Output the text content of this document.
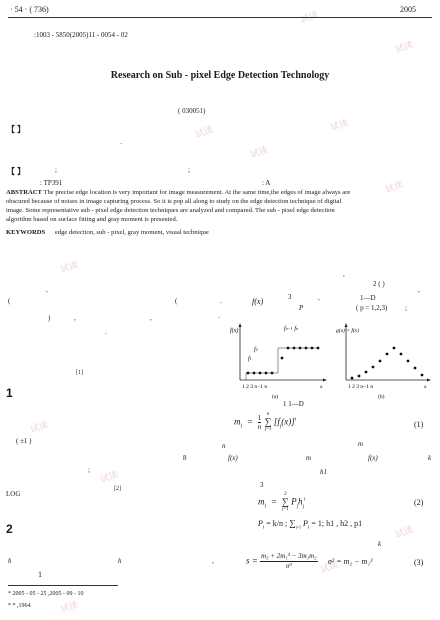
试读
试读
试读	试读
试读
试读
试读
试读
试读
试读
试读
试读
· 54 · ( 736)	2005
:1003 - 5850(2005)11 - 0054 - 02
Research on Sub - pixel Edge Detection Technology
( 030051)
【 】
·
【 】	;	;
: TP391	: A
ABSTRACT The precise edge location is very important for image measurement. At the same time,the edges of image always are
obscured because of noises in image capturing process. So it is pop all along to study on the edge detection technique of digital
image. Some representative sub - pixel edge detection techniques are analyzed and compared. The sub - pixel edge detection
algorithm based on surface fitting and gray moment is presented.
KEYWORDS edge detection, sub - pixel, gray moment, visual technique
,
(	(
)	,	,
.
[1]
,
2 ( )
f(x)	3
P
,	1—D
( p = 1,2,3)	;
,
.
·
f(x)	fn−1 fn
f1
f2
1 2 3 n−1 n	x
(a)
g(x) = f(x)
1 2 3 n−1 n	x
(b)
1
1 1—D
( ±1 )
$m_i = \frac{1}{n}$
	n
∑
j=1
$[f_j(x)]^i$	(1)
n	m
8	f(x)	m	f(x)	k
;	h1
3
LOG
[2]
$m_i$ =
2
∑
j=1
$P_jh_j^i$	(2)
$P_i = k/n$ ; $\sum_{j=1}$ $P_i = 1$; h1 , h2 , p1
k
2
h	h	,
1
$s = \frac{\text{m₃ + 2m₁³ − 3m₁m₂}}{\text{σ³}} \sigma^2 = m_2 - m_1^2$	(3)
* 2005 - 05 - 25 ,2005 - 09 - 10
* * ,1964
